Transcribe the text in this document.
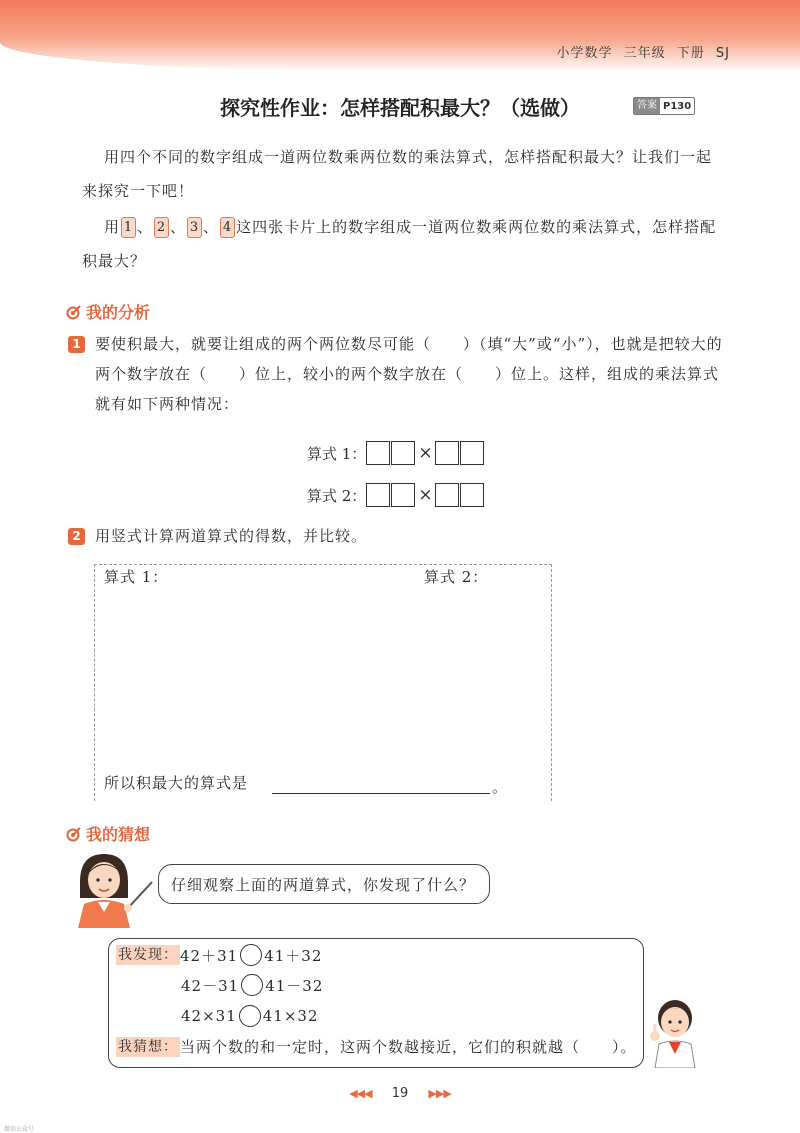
小学数学 三年级 下册 SJ
探究性作业：怎样搭配积最大？（选做）	答案 P130
用四个不同的数字组成一道两位数乘两位数的乘法算式，怎样搭配积最大？让我们一起来探究一下吧！
用 1 、 2 、 3 、 4 这四张卡片上的数字组成一道两位数乘两位数的乘法算式，怎样搭配积最大？
我的分析
1 要使积最大，就要让组成的两个两位数尽可能（　　）（填“大”或“小”），也就是把较大的两个数字放在（　　）位上，较小的两个数字放在（　　）位上。这样，组成的乘法算式就有如下两种情况：
算式 1：	×
算式 2：	×
2 用竖式计算两道算式的得数，并比较。
算式 1：	算式 2：
所以积最大的算式是	。
我的猜想
仔细观察上面的两道算式，你发现了什么？
我发现： 42＋31 41＋32
42－31 41－32
42×31 41×32
我猜想： 当两个数的和一定时，这两个数越接近，它们的积就越（　　）。
◀◀◀ 19 ▶▶▶
微信公众号
